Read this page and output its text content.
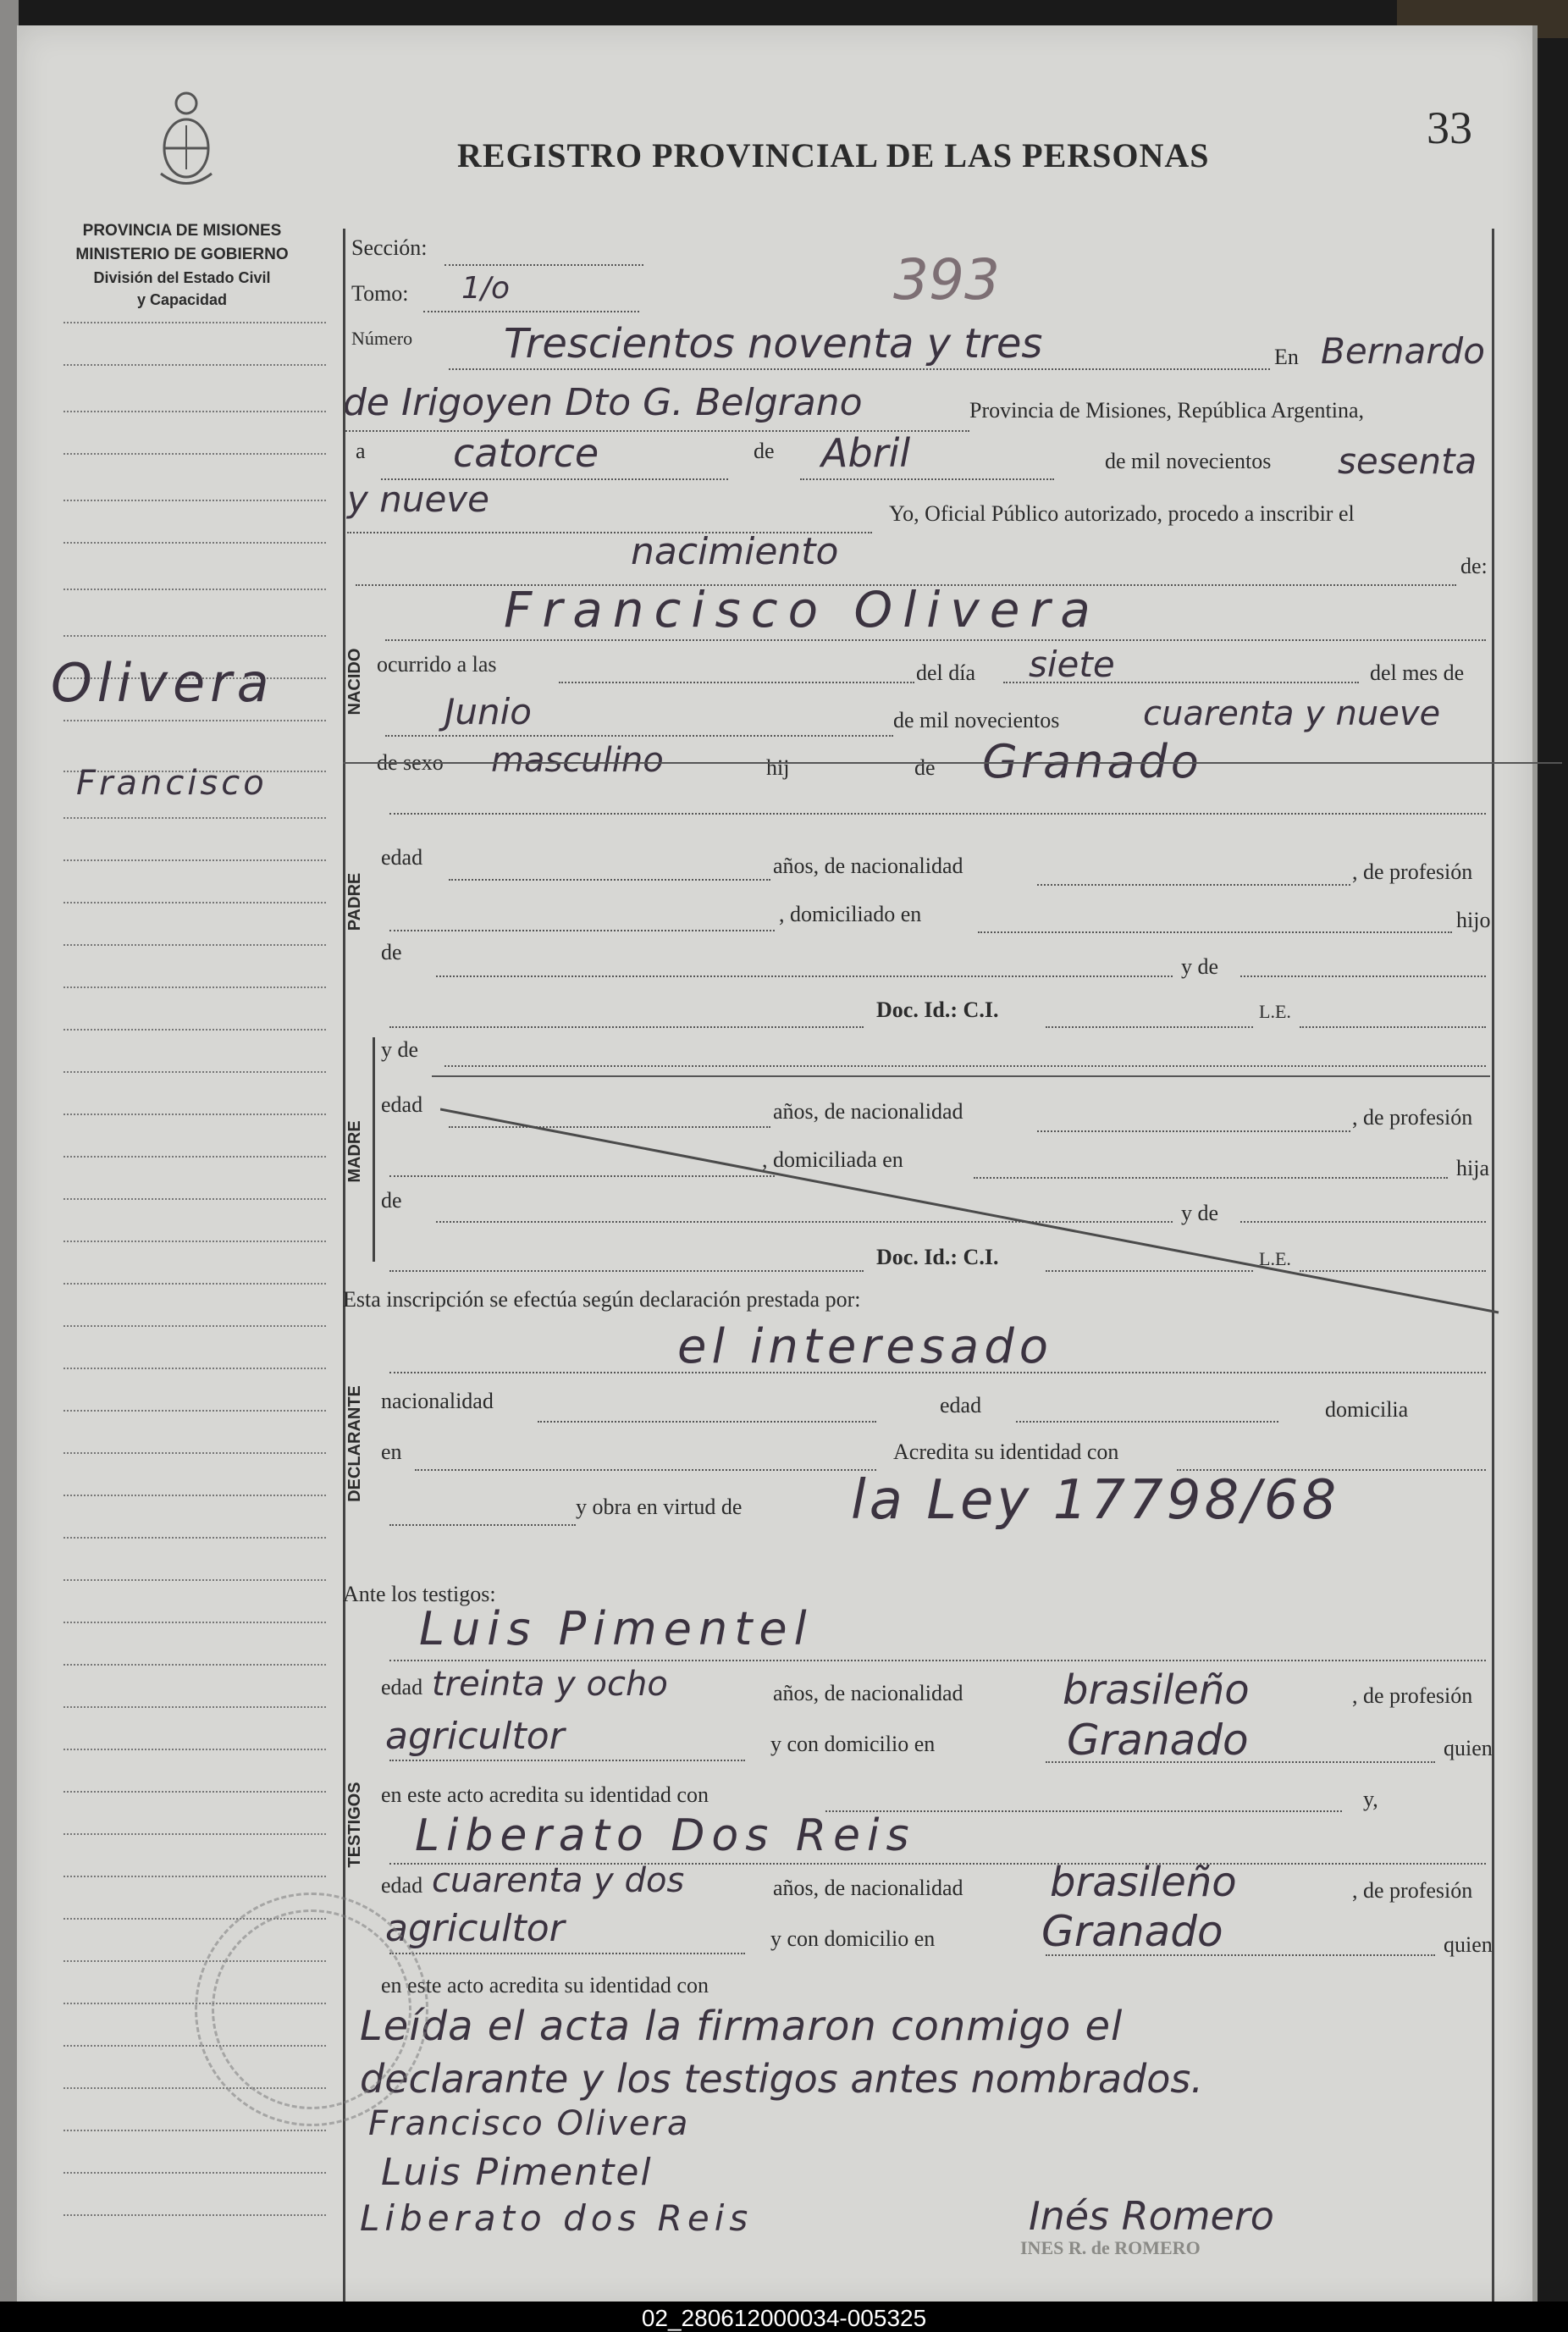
PROVINCIA DE MISIONES
MINISTERIO DE GOBIERNO
División del Estado Civil
y Capacidad
REGISTRO PROVINCIAL DE LAS PERSONAS
33
Olivera
Francisco
Sección:
Tomo: 1/o	393
Número Trescientos noventa y tres	En Bernardo
de Irigoyen Dto G. Belgrano	Provincia de Misiones, República Argentina,
a catorce	de Abril	de mil novecientos sesenta
y nueve	Yo, Oficial Público autorizado, procedo a inscribir el
nacimiento	de:
NACIDO
Francisco Olivera
ocurrido a las	del día siete	del mes de
Junio	de mil novecientos cuarenta y nueve
de sexo masculino	hij	de Granado
PADRE
edad	años, de nacionalidad	, de profesión
, domiciliado en	hijo
de
y de
Doc. Id.: C.I.	L.E.
MADRE
y de
edad	años, de nacionalidad	, de profesión
, domiciliada en	hija
de
y de
Doc. Id.: C.I.	L.E.
Esta inscripción se efectúa según declaración prestada por:
DECLARANTE
el interesado
nacionalidad	edad	domicilia
en	Acredita su identidad con
y obra en virtud de la Ley 17798/68
Ante los testigos:
TESTIGOS
Luis Pimentel
edad treinta y ocho	años, de nacionalidad brasileño	, de profesión
agricultor	y con domicilio en	Granado	quien
en este acto acredita su identidad con	y,
Liberato Dos Reis
edad cuarenta y dos	años, de nacionalidad brasileño	, de profesión
agricultor	y con domicilio en	Granado	quien
en este acto acredita su identidad con
Leída el acta la firmaron conmigo el
declarante y los testigos antes nombrados.
Francisco Olivera
Luis Pimentel
Liberato dos Reis	Inés Romero
INES R. de ROMERO
02_280612000034-005325
